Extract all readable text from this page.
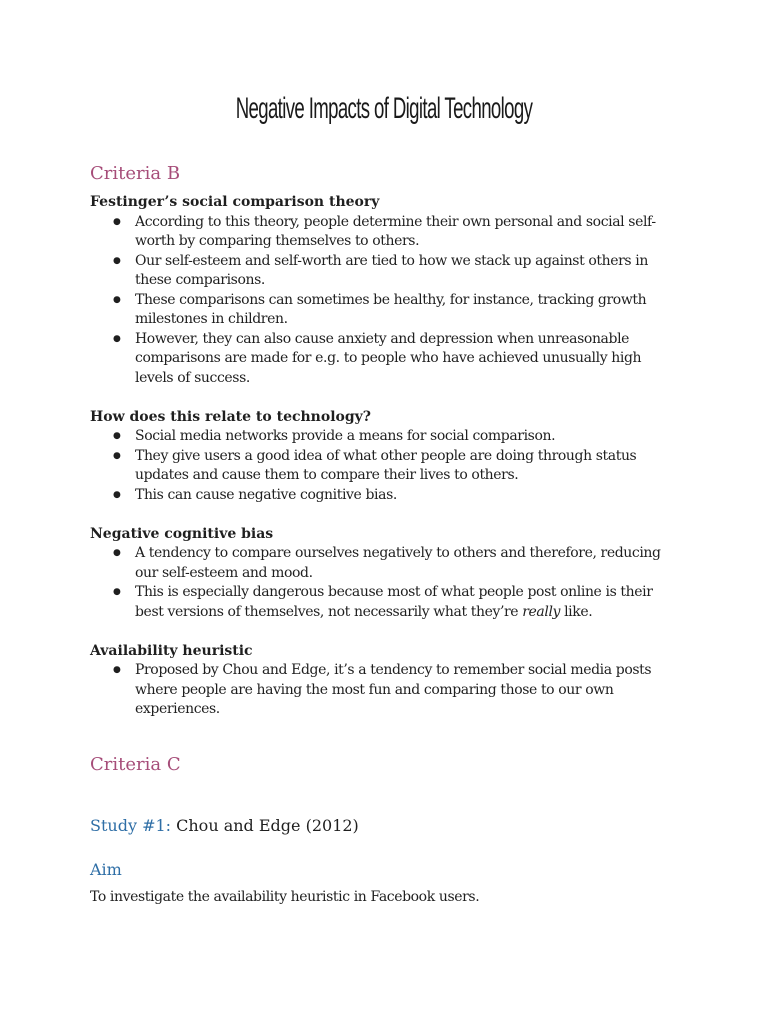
Negative Impacts of Digital Technology
Criteria B

Festinger’s social comparison theory

● According to this theory, people determine their own personal and social self-worth by comparing themselves to others.
● Our self-esteem and self-worth are tied to how we stack up against others in these comparisons.
● These comparisons can sometimes be healthy, for instance, tracking growth milestones in children.
● However, they can also cause anxiety and depression when unreasonable comparisons are made for e.g. to people who have achieved unusually high levels of success.

How does this relate to technology?

● Social media networks provide a means for social comparison.
● They give users a good idea of what other people are doing through status updates and cause them to compare their lives to others.
● This can cause negative cognitive bias.

Negative cognitive bias

● A tendency to compare ourselves negatively to others and therefore, reducing our self-esteem and mood.
● This is especially dangerous because most of what people post online is their best versions of themselves, not necessarily what they’re really like.

Availability heuristic

● Proposed by Chou and Edge, it’s a tendency to remember social media posts where people are having the most fun and comparing those to our own experiences.
Criteria C

Study #1: Chou and Edge (2012)

Aim

To investigate the availability heuristic in Facebook users.
